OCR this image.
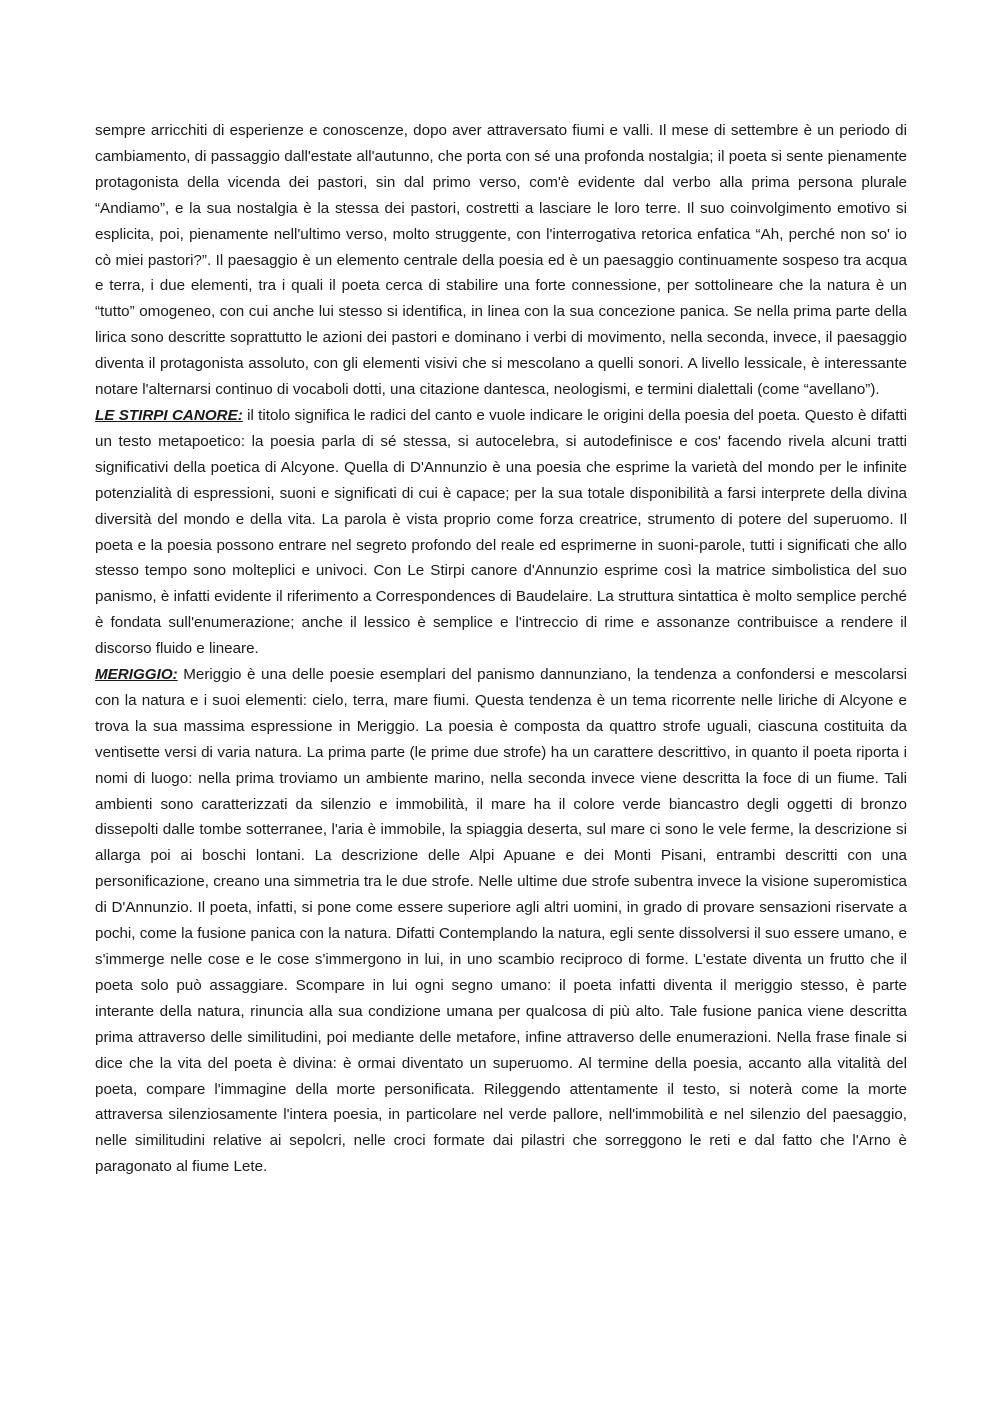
sempre arricchiti di esperienze e conoscenze, dopo aver attraversato fiumi e valli. Il mese di settembre è un periodo di cambiamento, di passaggio dall'estate all'autunno, che porta con sé una profonda nostalgia; il poeta si sente pienamente protagonista della vicenda dei pastori, sin dal primo verso, com'è evidente dal verbo alla prima persona plurale “Andiamo”, e la sua nostalgia è la stessa dei pastori, costretti a lasciare le loro terre. Il suo coinvolgimento emotivo si esplicita, poi, pienamente nell'ultimo verso, molto struggente, con l'interrogativa retorica enfatica “Ah, perché non so' io cò miei pastori?”. Il paesaggio è un elemento centrale della poesia ed è un paesaggio continuamente sospeso tra acqua e terra, i due elementi, tra i quali il poeta cerca di stabilire una forte connessione, per sottolineare che la natura è un “tutto” omogeneo, con cui anche lui stesso si identifica, in linea con la sua concezione panica. Se nella prima parte della lirica sono descritte soprattutto le azioni dei pastori e dominano i verbi di movimento, nella seconda, invece, il paesaggio diventa il protagonista assoluto, con gli elementi visivi che si mescolano a quelli sonori. A livello lessicale, è interessante notare l'alternarsi continuo di vocaboli dotti, una citazione dantesca, neologismi, e termini dialettali (come “avellano”).

LE STIRPI CANORE: il titolo significa le radici del canto e vuole indicare le origini della poesia del poeta. Questo è difatti un testo metapoetico: la poesia parla di sé stessa, si autocelebra, si autodefinisce e cos' facendo rivela alcuni tratti significativi della poetica di Alcyone. Quella di D'Annunzio è una poesia che esprime la varietà del mondo per le infinite potenzialità di espressioni, suoni e significati di cui è capace; per la sua totale disponibilità a farsi interprete della divina diversità del mondo e della vita. La parola è vista proprio come forza creatrice, strumento di potere del superuomo. Il poeta e la poesia possono entrare nel segreto profondo del reale ed esprimerne in suoni-parole, tutti i significati che allo stesso tempo sono molteplici e univoci. Con Le Stirpi canore d'Annunzio esprime così la matrice simbolistica del suo panismo, è infatti evidente il riferimento a Correspondences di Baudelaire. La struttura sintattica è molto semplice perché è fondata sull'enumerazione; anche il lessico è semplice e l'intreccio di rime e assonanze contribuisce a rendere il discorso fluido e lineare.

MERIGGIO: Meriggio è una delle poesie esemplari del panismo dannunziano, la tendenza a confondersi e mescolarsi con la natura e i suoi elementi: cielo, terra, mare fiumi. Questa tendenza è un tema ricorrente nelle liriche di Alcyone e trova la sua massima espressione in Meriggio. La poesia è composta da quattro strofe uguali, ciascuna costituita da ventisette versi di varia natura. La prima parte (le prime due strofe) ha un carattere descrittivo, in quanto il poeta riporta i nomi di luogo: nella prima troviamo un ambiente marino, nella seconda invece viene descritta la foce di un fiume. Tali ambienti sono caratterizzati da silenzio e immobilità, il mare ha il colore verde biancastro degli oggetti di bronzo dissepolti dalle tombe sotterranee, l'aria è immobile, la spiaggia deserta, sul mare ci sono le vele ferme, la descrizione si allarga poi ai boschi lontani. La descrizione delle Alpi Apuane e dei Monti Pisani, entrambi descritti con una personificazione, creano una simmetria tra le due strofe. Nelle ultime due strofe subentra invece la visione superomistica di D'Annunzio. Il poeta, infatti, si pone come essere superiore agli altri uomini, in grado di provare sensazioni riservate a pochi, come la fusione panica con la natura. Difatti Contemplando la natura, egli sente dissolversi il suo essere umano, e s'immerge nelle cose e le cose s'immergono in lui, in uno scambio reciproco di forme. L'estate diventa un frutto che il poeta solo può assaggiare. Scompare in lui ogni segno umano: il poeta infatti diventa il meriggio stesso, è parte interante della natura, rinuncia alla sua condizione umana per qualcosa di più alto. Tale fusione panica viene descritta prima attraverso delle similitudini, poi mediante delle metafore, infine attraverso delle enumerazioni. Nella frase finale si dice che la vita del poeta è divina: è ormai diventato un superuomo. Al termine della poesia, accanto alla vitalità del poeta, compare l'immagine della morte personificata. Rileggendo attentamente il testo, si noterà come la morte attraversa silenziosamente l'intera poesia, in particolare nel verde pallore, nell'immobilità e nel silenzio del paesaggio, nelle similitudini relative ai sepolcri, nelle croci formate dai pilastri che sorreggono le reti e dal fatto che l'Arno è paragonato al fiume Lete.
